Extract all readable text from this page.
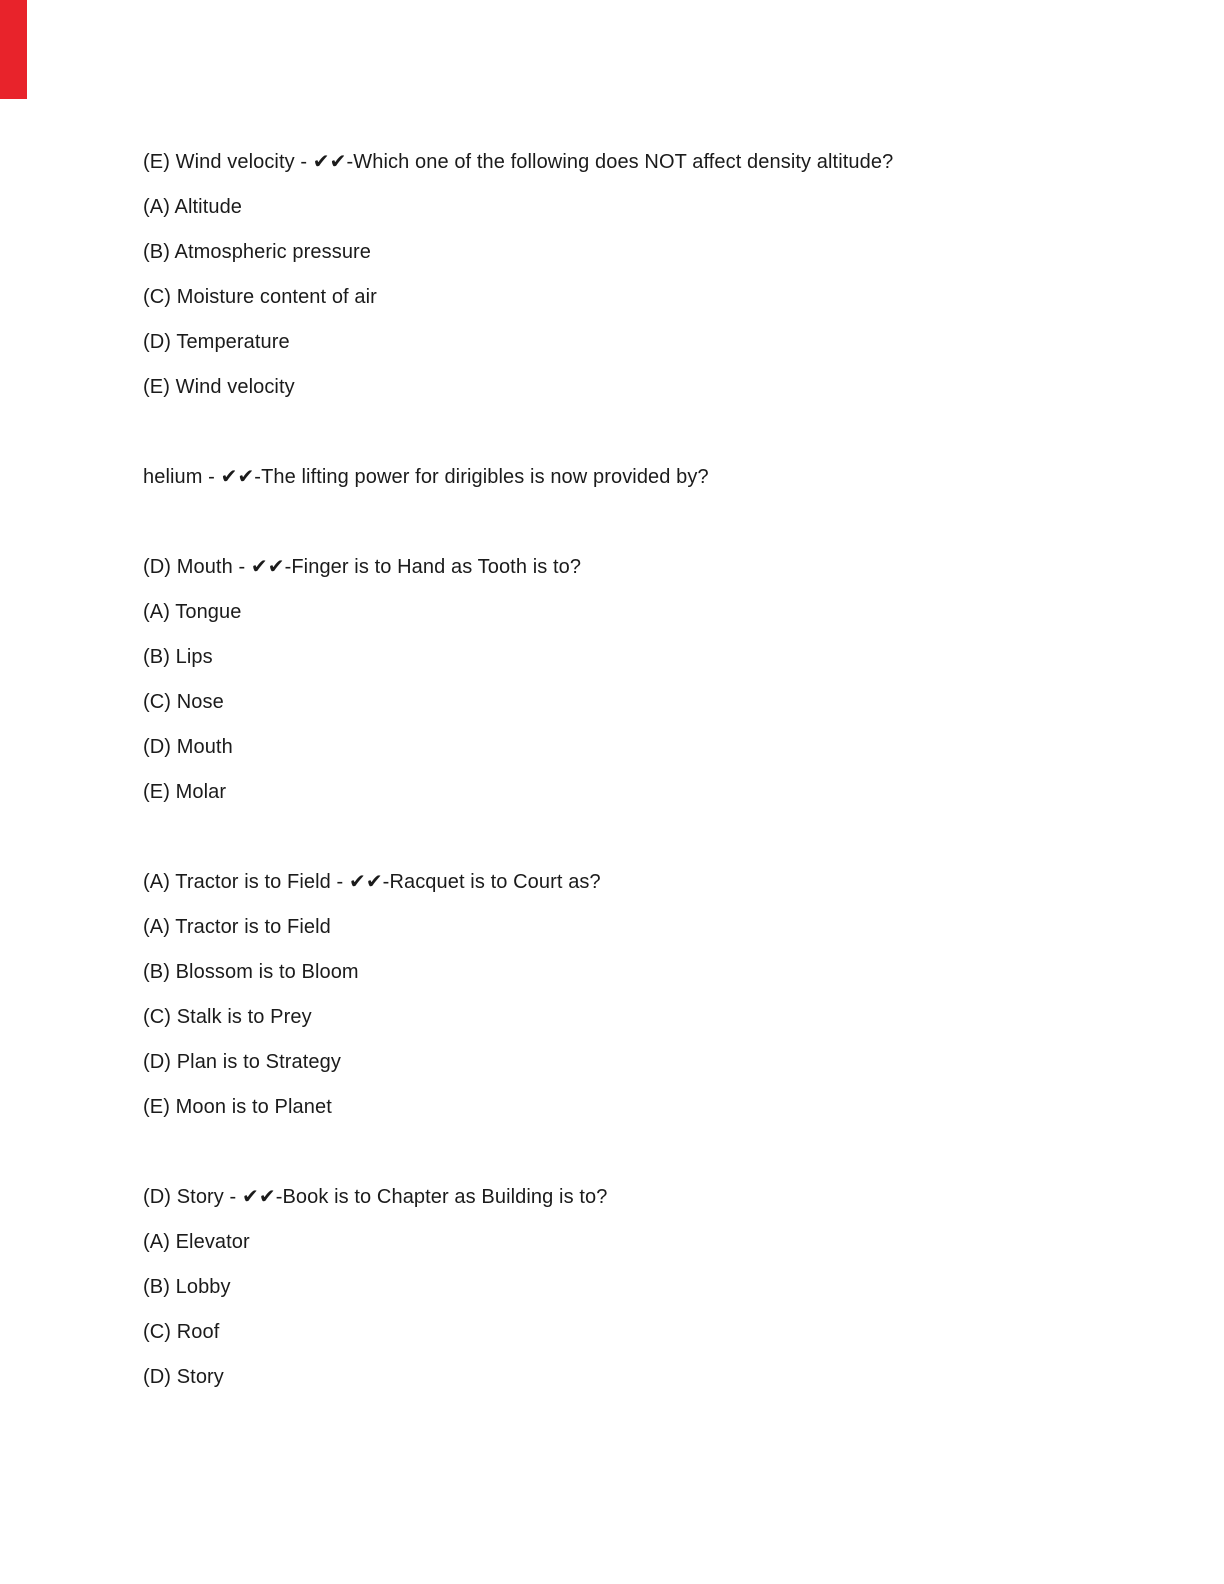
(E) Wind velocity - ✔✔-Which one of the following does NOT affect density altitude?

(A) Altitude

(B) Atmospheric pressure

(C) Moisture content of air

(D) Temperature

(E) Wind velocity

helium - ✔✔-The lifting power for dirigibles is now provided by?

(D) Mouth - ✔✔-Finger is to Hand as Tooth is to?

(A) Tongue

(B) Lips

(C) Nose

(D) Mouth

(E) Molar

(A) Tractor is to Field - ✔✔-Racquet is to Court as?

(A) Tractor is to Field

(B) Blossom is to Bloom

(C) Stalk is to Prey

(D) Plan is to Strategy

(E) Moon is to Planet

(D) Story - ✔✔-Book is to Chapter as Building is to?

(A) Elevator

(B) Lobby

(C) Roof

(D) Story
